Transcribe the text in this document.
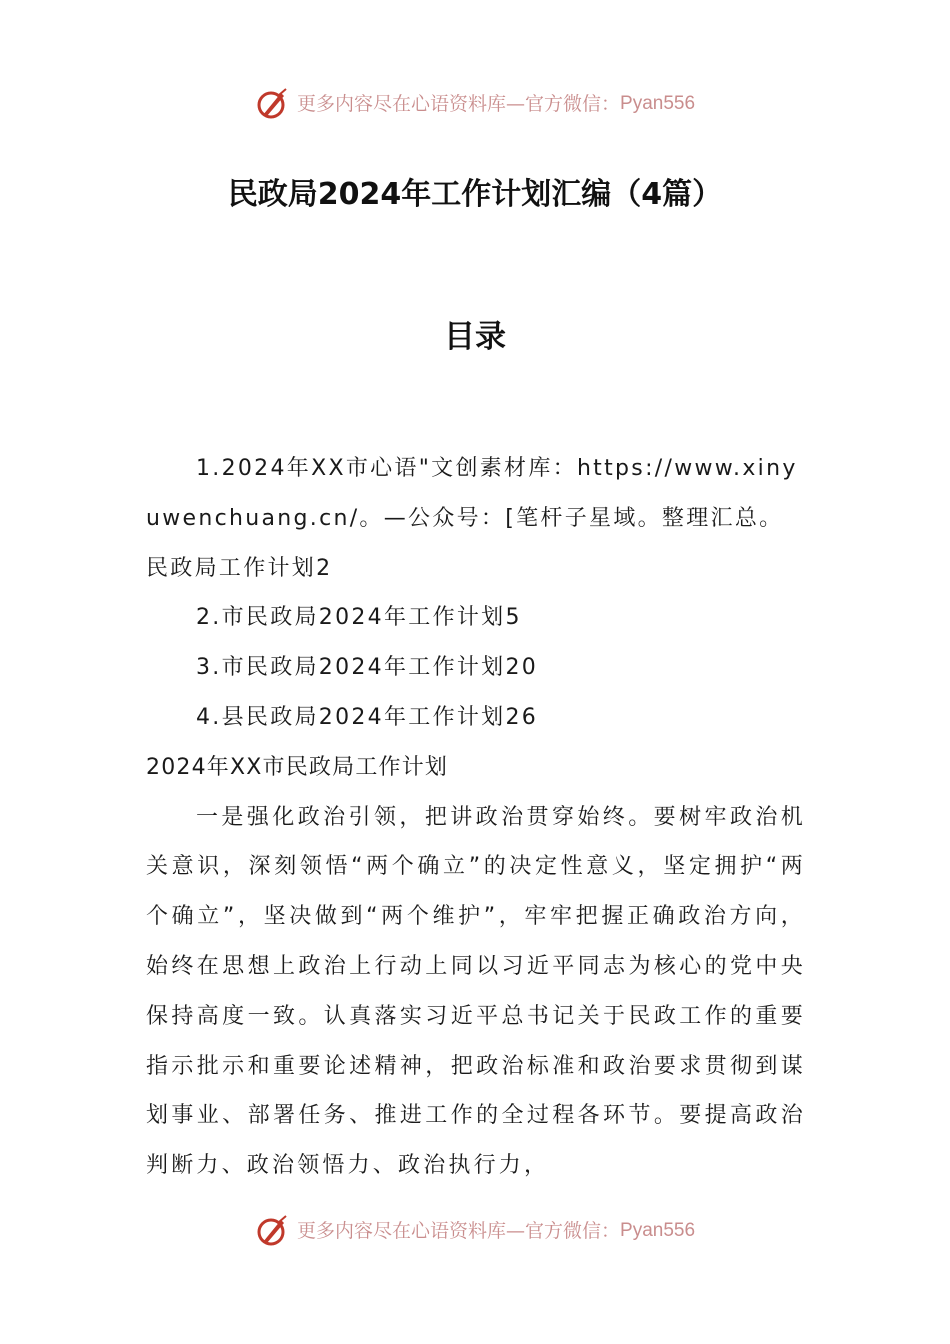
更多内容尽在心语资料库—官方微信：Pyan556
民政局2024年工作计划汇编（4篇）
目录

1.2024年XX市心语"文创素材库：https://www.xinyuwenchuang.cn/。—公众号：[笔杆子星域。整理汇总。民政局工作计划2

2.市民政局2024年工作计划5

3.市民政局2024年工作计划20

4.县民政局2024年工作计划26

2024年XX市民政局工作计划

一是强化政治引领，把讲政治贯穿始终。要树牢政治机关意识，深刻领悟“两个确立”的决定性意义，坚定拥护“两个确立”，坚决做到“两个维护”，牢牢把握正确政治方向，始终在思想上政治上行动上同以习近平同志为核心的党中央保持高度一致。认真落实习近平总书记关于民政工作的重要指示批示和重要论述精神，把政治标准和政治要求贯彻到谋划事业、部署任务、推进工作的全过程各环节。要提高政治判断力、政治领悟力、政治执行力，

更多内容尽在心语资料库—官方微信：Pyan556
